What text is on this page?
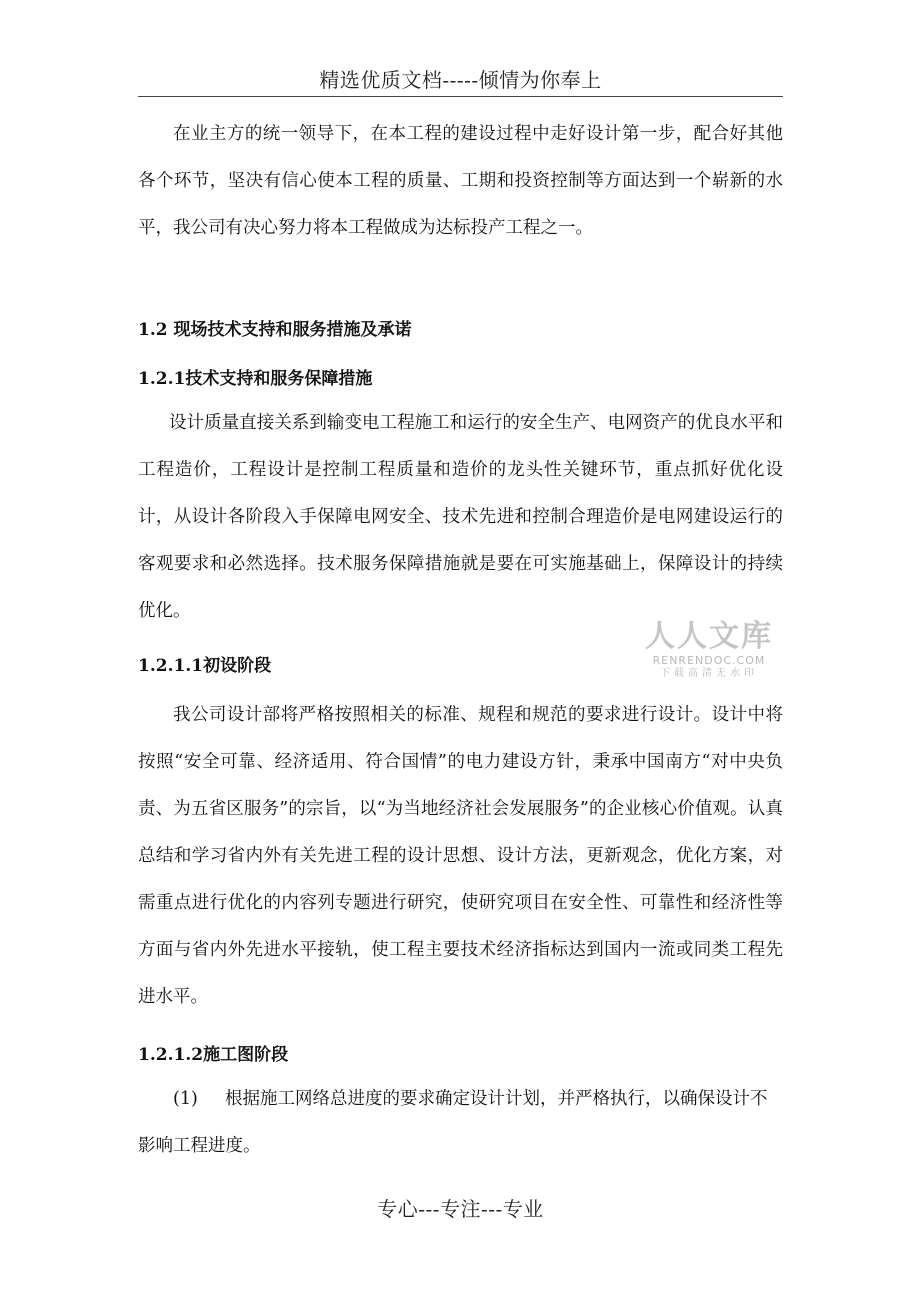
精选优质文档-----倾情为你奉上

在业主方的统一领导下，在本工程的建设过程中走好设计第一步，配合好其他各个环节，坚决有信心使本工程的质量、工期和投资控制等方面达到一个崭新的水平，我公司有决心努力将本工程做成为达标投产工程之一。

1.2 现场技术支持和服务措施及承诺
1.2.1技术支持和服务保障措施

设计质量直接关系到输变电工程施工和运行的安全生产、电网资产的优良水平和工程造价，工程设计是控制工程质量和造价的龙头性关键环节，重点抓好优化设计，从设计各阶段入手保障电网安全、技术先进和控制合理造价是电网建设运行的客观要求和必然选择。技术服务保障措施就是要在可实施基础上，保障设计的持续优化。

1.2.1.1初设阶段

我公司设计部将严格按照相关的标准、规程和规范的要求进行设计。设计中将按照“安全可靠、经济适用、符合国情”的电力建设方针，秉承中国南方“对中央负责、为五省区服务”的宗旨，以“为当地经济社会发展服务”的企业核心价值观。认真总结和学习省内外有关先进工程的设计思想、设计方法，更新观念，优化方案，对需重点进行优化的内容列专题进行研究，使研究项目在安全性、可靠性和经济性等方面与省内外先进水平接轨，使工程主要技术经济指标达到国内一流或同类工程先进水平。

1.2.1.2施工图阶段

(1) 根据施工网络总进度的要求确定设计计划，并严格执行，以确保设计不影响工程进度。

人人文库
RENRENDOC.COM
下载高清无水印
专心---专注---专业
